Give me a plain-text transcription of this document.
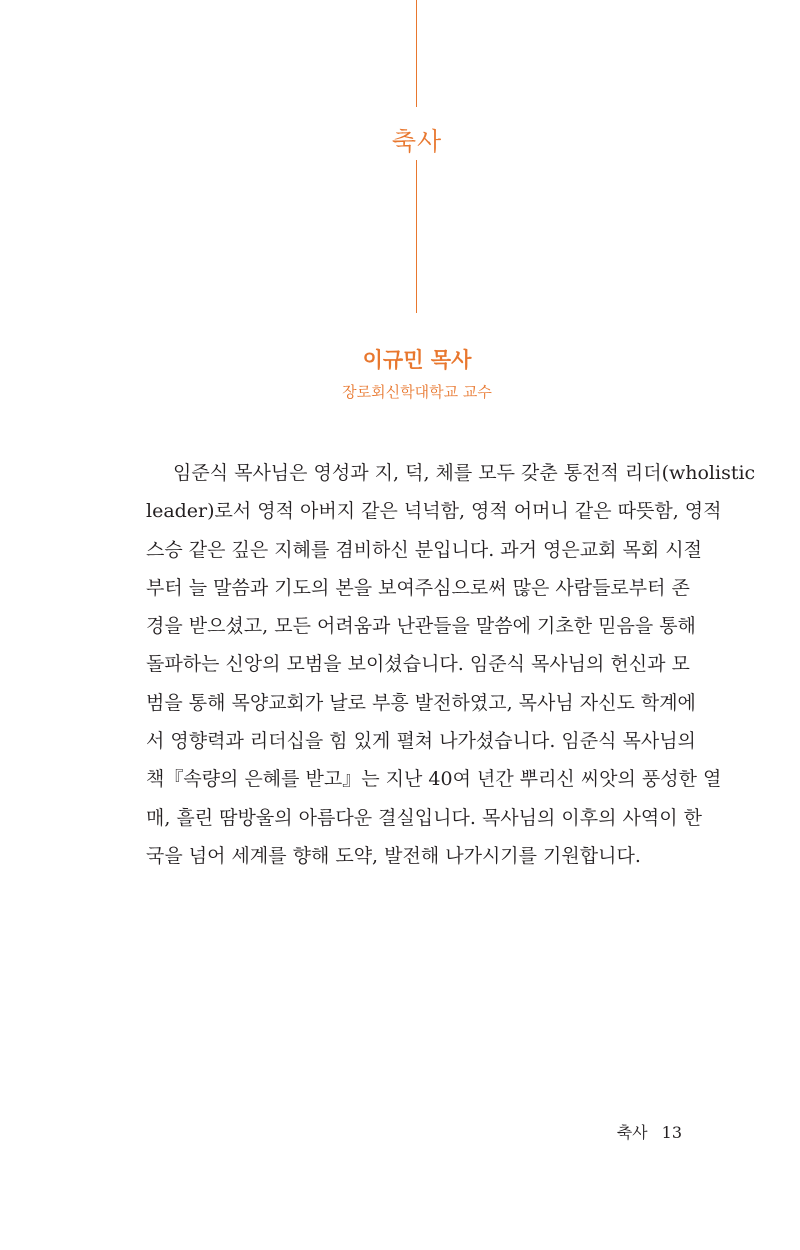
축사
이규민 목사
장로회신학대학교 교수
임준식 목사님은 영성과 지, 덕, 체를 모두 갖춘 통전적 리더(wholistic
leader)로서 영적 아버지 같은 넉넉함, 영적 어머니 같은 따뜻함, 영적
스승 같은 깊은 지혜를 겸비하신 분입니다. 과거 영은교회 목회 시절
부터 늘 말씀과 기도의 본을 보여주심으로써 많은 사람들로부터 존
경을 받으셨고, 모든 어려움과 난관들을 말씀에 기초한 믿음을 통해
돌파하는 신앙의 모범을 보이셨습니다. 임준식 목사님의 헌신과 모
범을 통해 목양교회가 날로 부흥 발전하였고, 목사님 자신도 학계에
서 영향력과 리더십을 힘 있게 펼쳐 나가셨습니다. 임준식 목사님의
책『속량의 은혜를 받고』는 지난 40여 년간 뿌리신 씨앗의 풍성한 열
매, 흘린 땀방울의 아름다운 결실입니다. 목사님의 이후의 사역이 한
국을 넘어 세계를 향해 도약, 발전해 나가시기를 기원합니다.
축사 13
